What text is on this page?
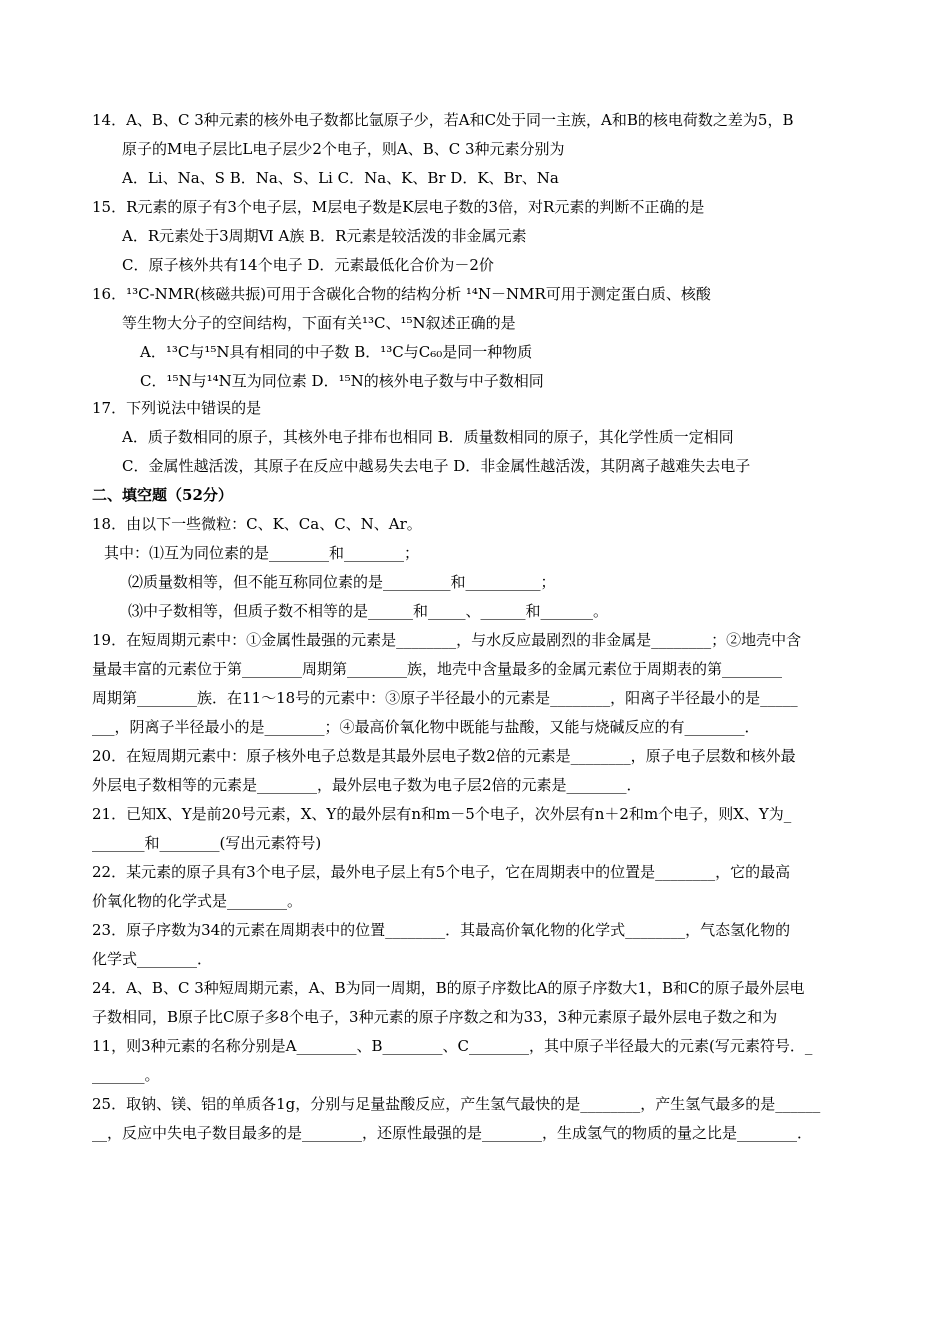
14．A、B、C 3种元素的核外电子数都比氩原子少，若A和C处于同一主族，A和B的核电荷数之差为5，B
原子的M电子层比L电子层少2个电子，则A、B、C 3种元素分别为
A．Li、Na、S B．Na、S、Li C．Na、K、Br D．K、Br、Na
15．R元素的原子有3个电子层，M层电子数是K层电子数的3倍，对R元素的判断不正确的是
A．R元素处于3周期Ⅵ A族 B．R元素是较活泼的非金属元素
C．原子核外共有14个电子 D．元素最低化合价为－2价
16．¹³C-NMR(核磁共振)可用于含碳化合物的结构分析 ¹⁴N－NMR可用于测定蛋白质、核酸
等生物大分子的空间结构，下面有关¹³C、¹⁵N叙述正确的是
A．¹³C与¹⁵N具有相同的中子数 B．¹³C与C₆₀是同一种物质
C．¹⁵N与¹⁴N互为同位素 D．¹⁵N的核外电子数与中子数相同
17．下列说法中错误的是
A．质子数相同的原子，其核外电子排布也相同 B．质量数相同的原子，其化学性质一定相同
C．金属性越活泼，其原子在反应中越易失去电子 D．非金属性越活泼，其阴离子越难失去电子
二、填空题（52分）
18．由以下一些微粒：C、K、Ca、C、N、Ar。
其中：⑴互为同位素的是________和________；
⑵质量数相等，但不能互称同位素的是_________和__________；
⑶中子数相等，但质子数不相等的是______和_____、______和_______。
19．在短周期元素中：①金属性最强的元素是________，与水反应最剧烈的非金属是________；②地壳中含
量最丰富的元素位于第________周期第________族，地壳中含量最多的金属元素位于周期表的第________
周期第________族．在11～18号的元素中：③原子半径最小的元素是________，阳离子半径最小的是_____
___，阴离子半径最小的是________；④最高价氧化物中既能与盐酸，又能与烧碱反应的有________．
20．在短周期元素中：原子核外电子总数是其最外层电子数2倍的元素是________，原子电子层数和核外最
外层电子数相等的元素是________，最外层电子数为电子层2倍的元素是________．
21．已知X、Y是前20号元素，X、Y的最外层有n和m－5个电子，次外层有n＋2和m个电子，则X、Y为_
_______和________(写出元素符号)
22．某元素的原子具有3个电子层，最外电子层上有5个电子，它在周期表中的位置是________，它的最高
价氧化物的化学式是________。
23．原子序数为34的元素在周期表中的位置________．其最高价氧化物的化学式________，气态氢化物的
化学式________．
24．A、B、C 3种短周期元素，A、B为同一周期，B的原子序数比A的原子序数大1，B和C的原子最外层电
子数相同，B原子比C原子多8个电子，3种元素的原子序数之和为33，3种元素原子最外层电子数之和为
11，则3种元素的名称分别是A________、B________、C________，其中原子半径最大的元素(写元素符号．_
_______。
25．取钠、镁、铝的单质各1g，分别与足量盐酸反应，产生氢气最快的是________，产生氢气最多的是______
__，反应中失电子数目最多的是________，还原性最强的是________，生成氢气的物质的量之比是________．
